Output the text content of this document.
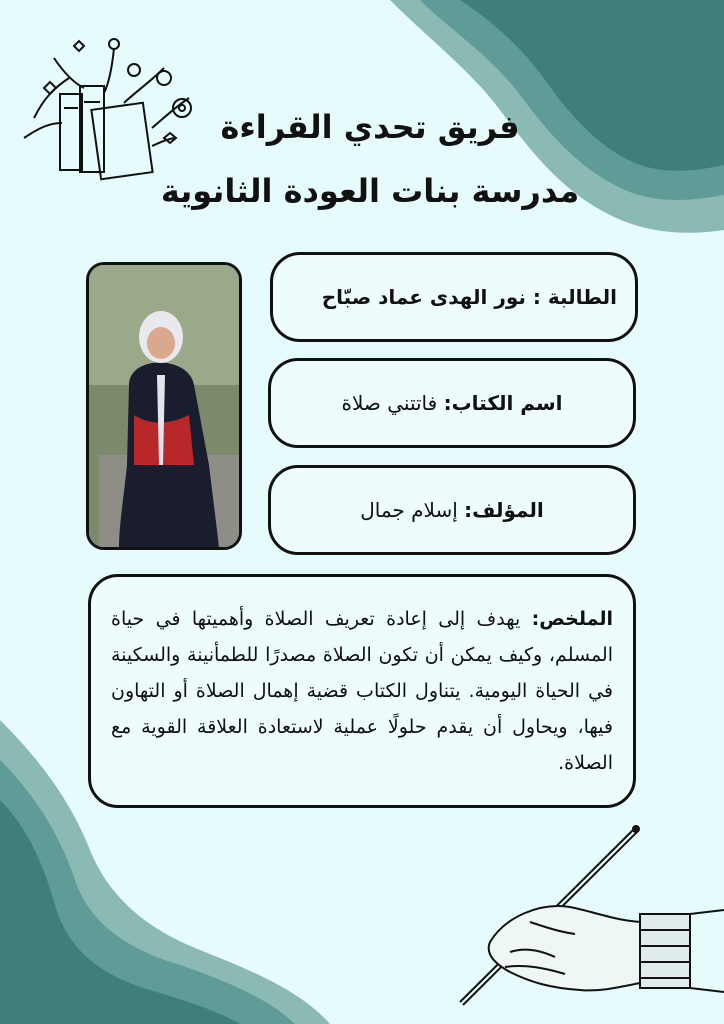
فريق تحدي القراءة
مدرسة بنات العودة الثانوية
الطالبة :

نور الهدى عماد صبّاح
اسم الكتاب:

فاتتني صلاة
المؤلف:

إسلام جمال
الملخص: يهدف إلى إعادة تعريف الصلاة وأهميتها في حياة المسلم، وكيف يمكن أن تكون الصلاة مصدرًا للطمأنينة والسكينة في الحياة اليومية. يتناول الكتاب قضية إهمال الصلاة أو التهاون فيها، ويحاول أن يقدم حلولًا عملية لاستعادة العلاقة القوية مع الصلاة.
